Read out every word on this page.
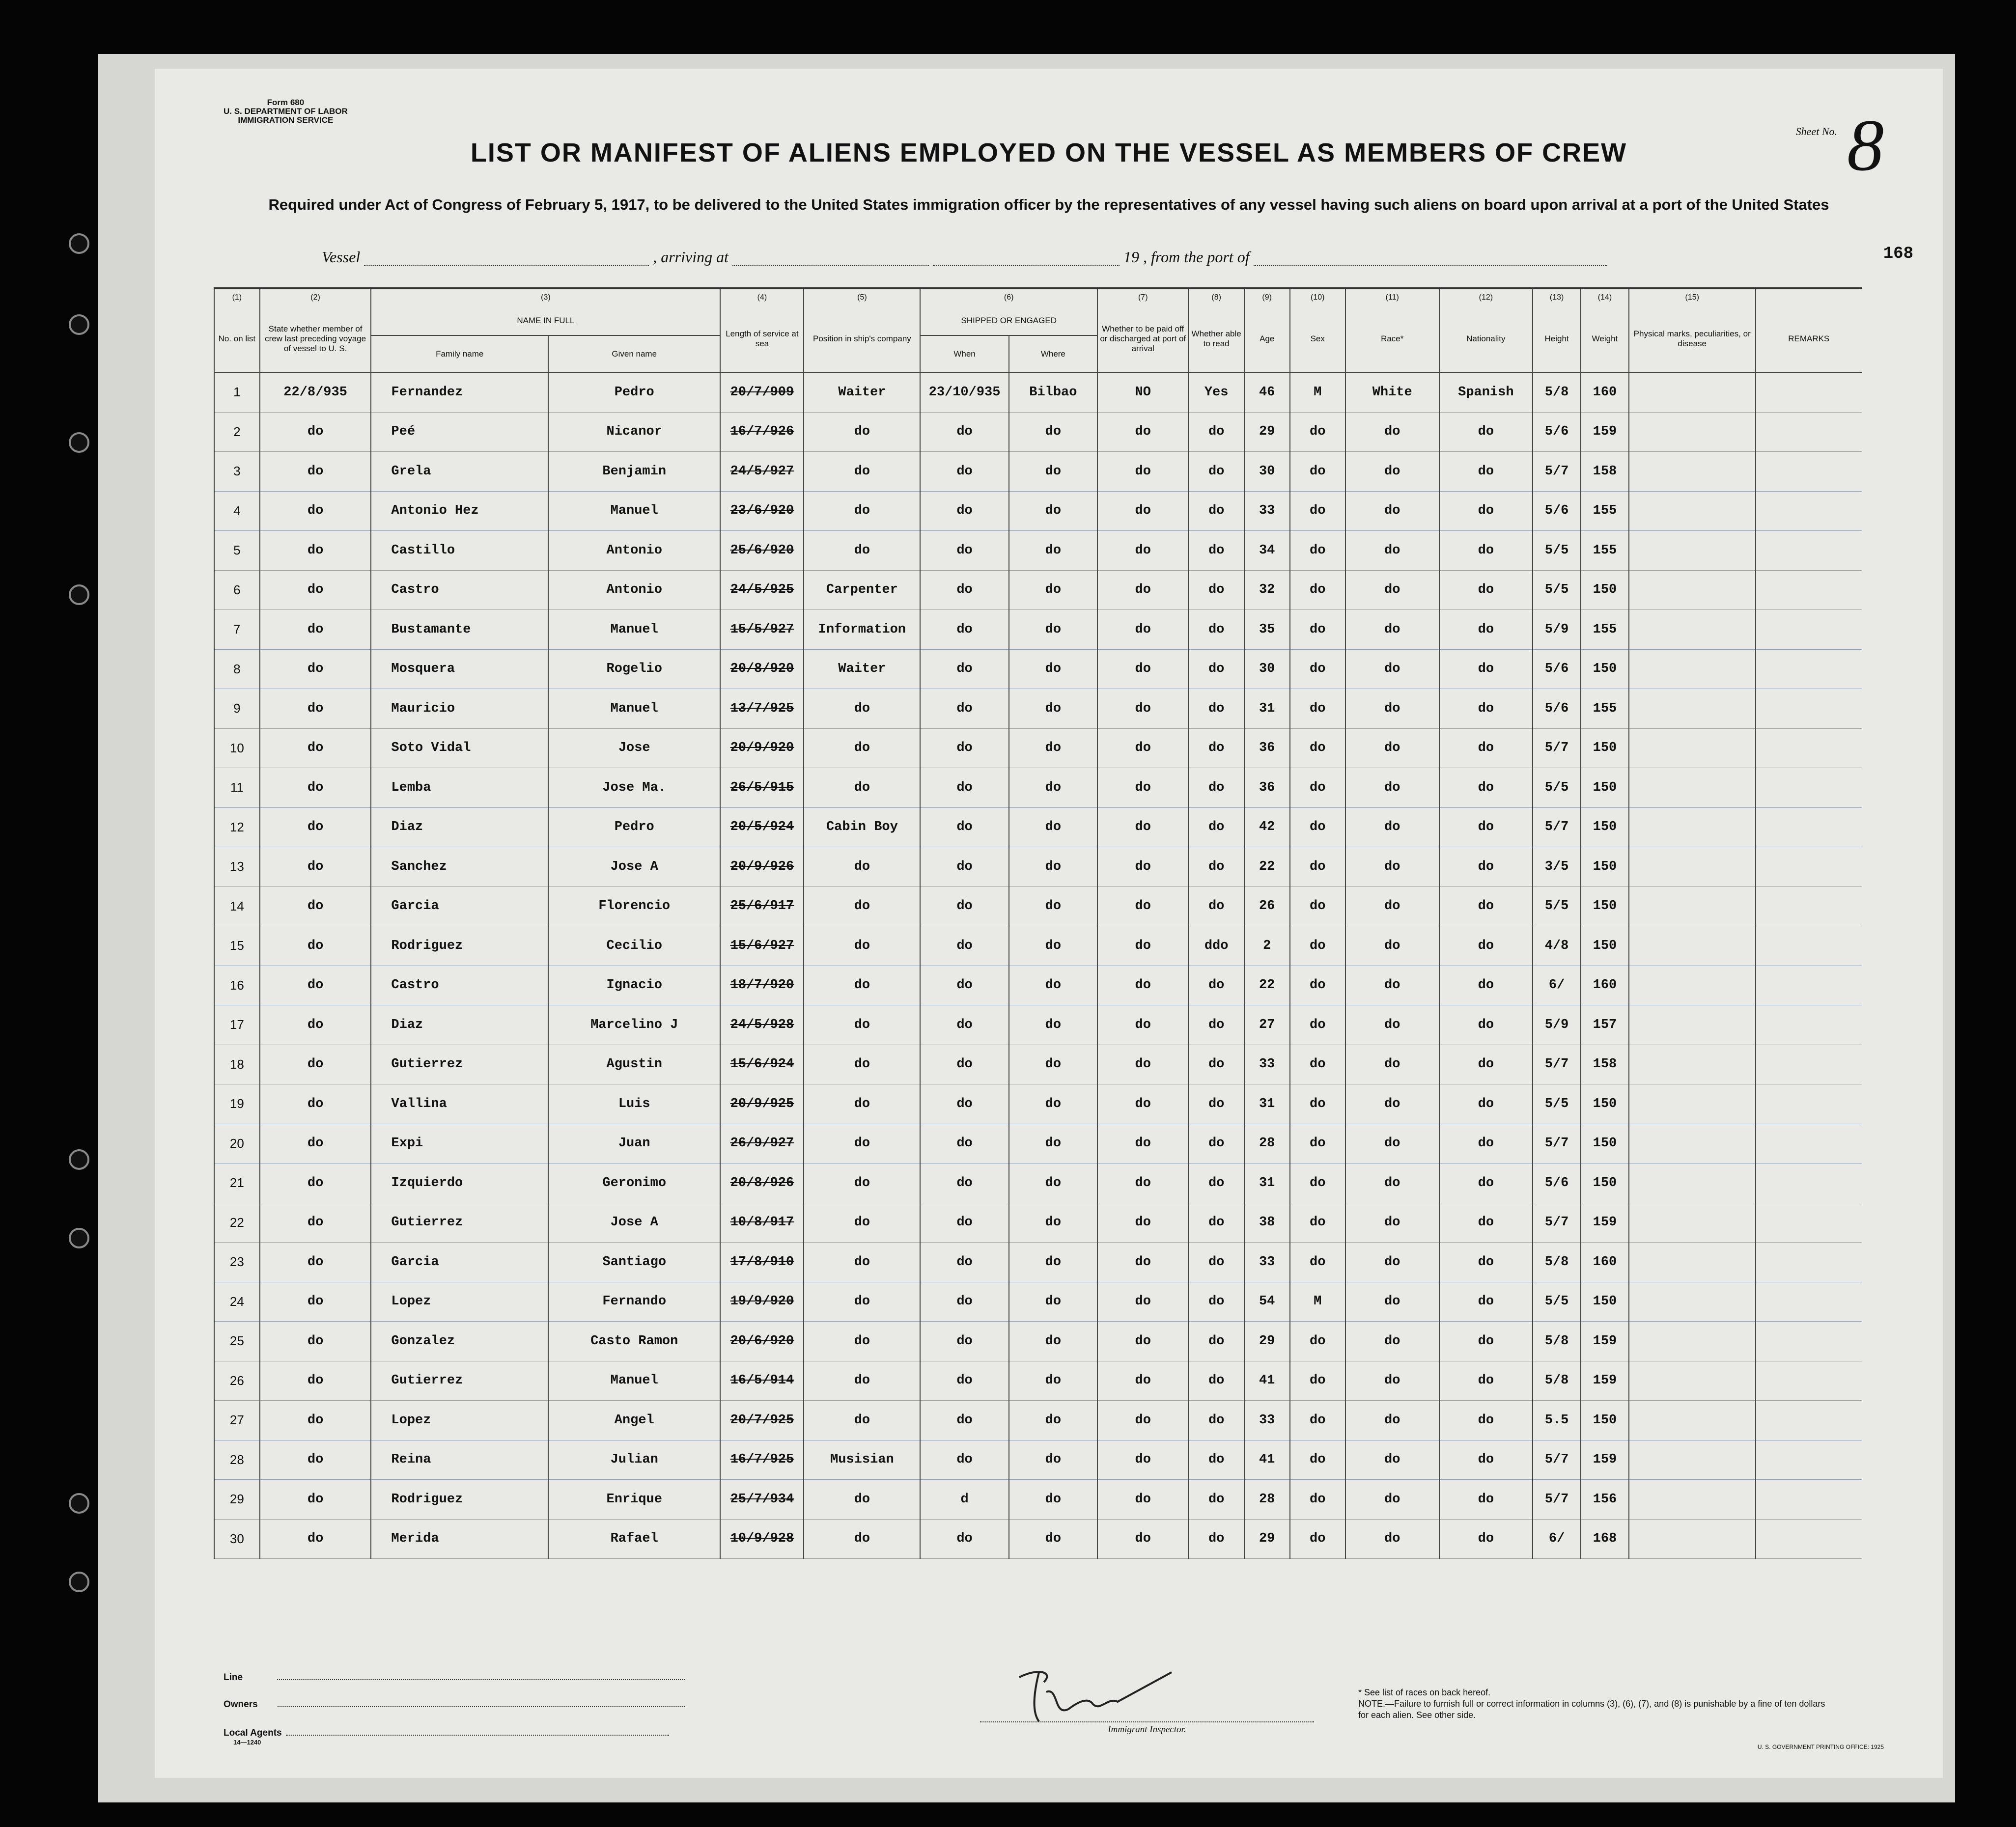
Form 680
U. S. DEPARTMENT OF LABOR
IMMIGRATION SERVICE
Sheet No. 8
LIST OR MANIFEST OF ALIENS EMPLOYED ON THE VESSEL AS MEMBERS OF CREW
Required under Act of Congress of February 5, 1917, to be delivered to the United States immigration officer by the representatives of any vessel having such aliens on board upon arrival at a port of the United States
Vessel	, arriving at	19 , from the port of	168
(1)	(2)	(3)		(4)	(5)	(6)		(7)	(8)	(9)	(10)	(11)	(12)	(13)	(14)	(15)	
No. on list	State whether member of crew last preceding voyage of vessel to U. S.	NAME IN FULL		Length of service at sea	Position in ship's company	SHIPPED OR ENGAGED		Whether to be paid off or discharged at port of arrival	Whether able to read	Age	Sex	Race*	Nationality	Height	Weight	Physical marks, peculiarities, or disease	REMARKS
		Family name	Given name			When	Where										
1	22/8/935	Fernandez	Pedro	20/7/909	Waiter	23/10/935	Bilbao	NO	Yes	46	M	White	Spanish	5/8	160		
2	do	Peé	Nicanor	16/7/926	do	do	do	do	do	29	do	do	do	5/6	159		
3	do	Grela	Benjamin	24/5/927	do	do	do	do	do	30	do	do	do	5/7	158		
4	do	Antonio Hez	Manuel	23/6/920	do	do	do	do	do	33	do	do	do	5/6	155		
5	do	Castillo	Antonio	25/6/920	do	do	do	do	do	34	do	do	do	5/5	155		
6	do	Castro	Antonio	24/5/925	Carpenter	do	do	do	do	32	do	do	do	5/5	150		
7	do	Bustamante	Manuel	15/5/927	Information	do	do	do	do	35	do	do	do	5/9	155		
8	do	Mosquera	Rogelio	20/8/920	Waiter	do	do	do	do	30	do	do	do	5/6	150		
9	do	Mauricio	Manuel	13/7/925	do	do	do	do	do	31	do	do	do	5/6	155		
10	do	Soto Vidal	Jose	20/9/920	do	do	do	do	do	36	do	do	do	5/7	150		
11	do	Lemba	Jose Ma.	26/5/915	do	do	do	do	do	36	do	do	do	5/5	150		
12	do	Diaz	Pedro	20/5/924	Cabin Boy	do	do	do	do	42	do	do	do	5/7	150		
13	do	Sanchez	Jose A	20/9/926	do	do	do	do	do	22	do	do	do	3/5	150		
14	do	Garcia	Florencio	25/6/917	do	do	do	do	do	26	do	do	do	5/5	150		
15	do	Rodriguez	Cecilio	15/6/927	do	do	do	do	ddo	2	do	do	do	4/8	150		
16	do	Castro	Ignacio	18/7/920	do	do	do	do	do	22	do	do	do	6/	160		
17	do	Diaz	Marcelino J	24/5/928	do	do	do	do	do	27	do	do	do	5/9	157		
18	do	Gutierrez	Agustin	15/6/924	do	do	do	do	do	33	do	do	do	5/7	158		
19	do	Vallina	Luis	20/9/925	do	do	do	do	do	31	do	do	do	5/5	150		
20	do	Expi	Juan	26/9/927	do	do	do	do	do	28	do	do	do	5/7	150		
21	do	Izquierdo	Geronimo	20/8/926	do	do	do	do	do	31	do	do	do	5/6	150		
22	do	Gutierrez	Jose A	10/8/917	do	do	do	do	do	38	do	do	do	5/7	159		
23	do	Garcia	Santiago	17/8/910	do	do	do	do	do	33	do	do	do	5/8	160		
24	do	Lopez	Fernando	19/9/920	do	do	do	do	do	54	M	do	do	5/5	150		
25	do	Gonzalez	Casto Ramon	20/6/920	do	do	do	do	do	29	do	do	do	5/8	159		
26	do	Gutierrez	Manuel	16/5/914	do	do	do	do	do	41	do	do	do	5/8	159		
27	do	Lopez	Angel	20/7/925	do	do	do	do	do	33	do	do	do	5.5	150		
28	do	Reina	Julian	16/7/925	Musisian	do	do	do	do	41	do	do	do	5/7	159		
29	do	Rodriguez	Enrique	25/7/934	do	d	do	do	do	28	do	do	do	5/7	156		
30	do	Merida	Rafael	10/9/928	do	do	do	do	do	29	do	do	do	6/	168		
Line
Owners
Local Agents
14—1240
Immigrant Inspector.
* See list of races on back hereof.
NOTE.—Failure to furnish full or correct information in columns (3), (6), (7), and (8) is punishable by a fine of ten dollars for each alien. See other side.
U. S. GOVERNMENT PRINTING OFFICE: 1925
